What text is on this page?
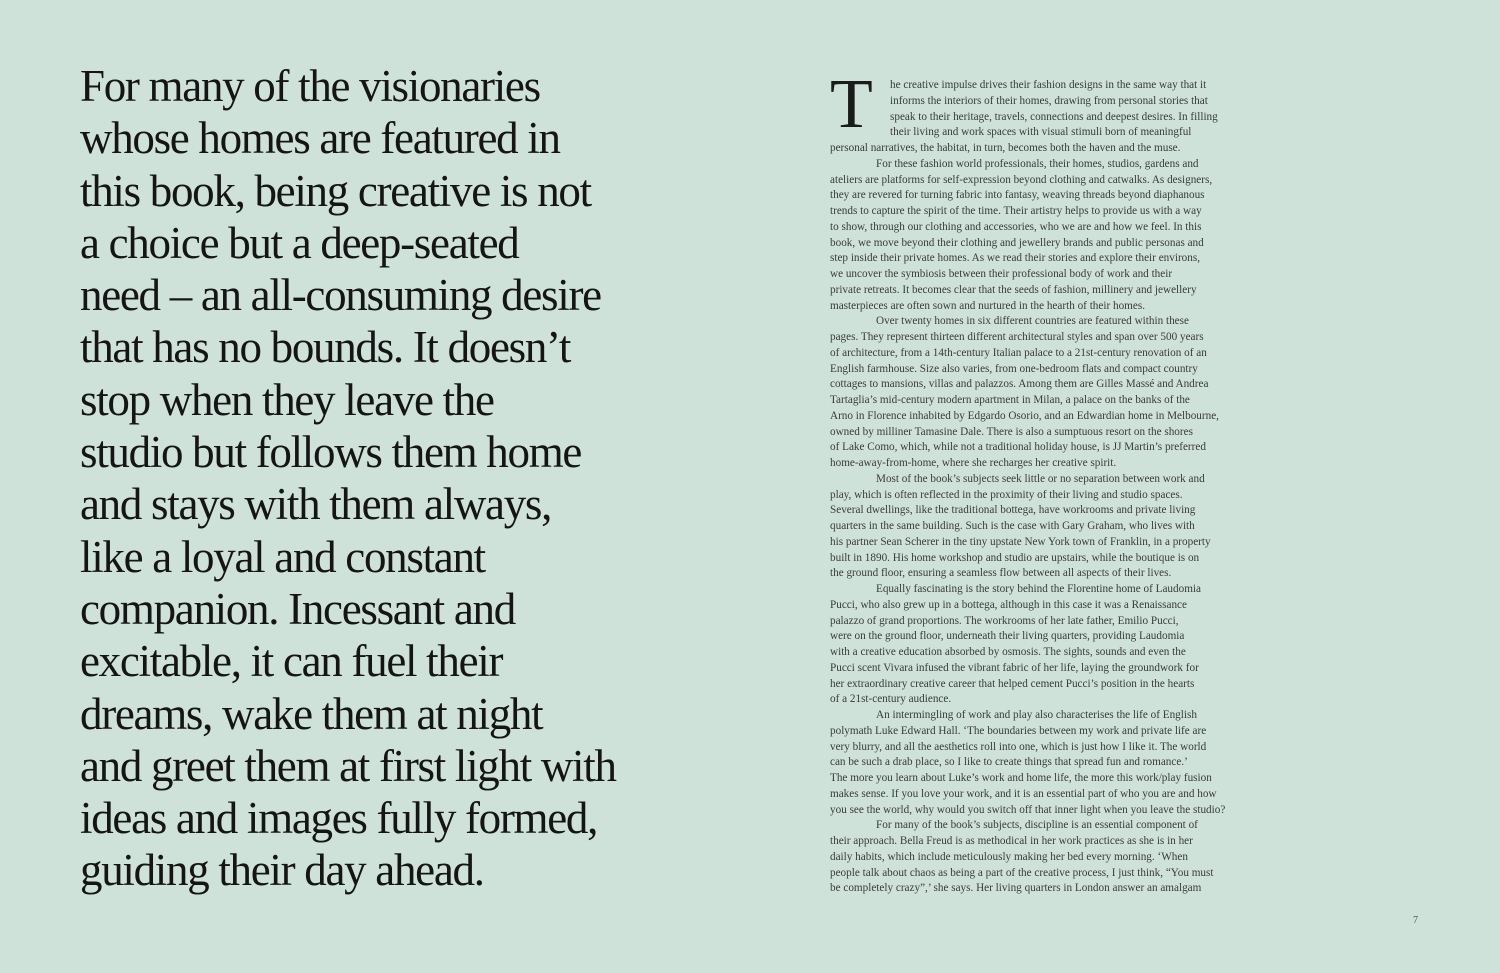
For many of the visionaries
whose homes are featured in
this book, being creative is not
a choice but a deep-seated
need – an all-consuming desire
that has no bounds. It doesn’t
stop when they leave the
studio but follows them home
and stays with them always,
like a loyal and constant
companion. Incessant and
excitable, it can fuel their
dreams, wake them at night
and greet them at first light with
ideas and images fully formed,
guiding their day ahead.
T	he creative impulse drives their fashion designs in the same way that it
informs the interiors of their homes, drawing from personal stories that
speak to their heritage, travels, connections and deepest desires. In filling
their living and work spaces with visual stimuli born of meaningful
personal narratives, the habitat, in turn, becomes both the haven and the muse.
For these fashion world professionals, their homes, studios, gardens and
ateliers are platforms for self-expression beyond clothing and catwalks. As designers,
they are revered for turning fabric into fantasy, weaving threads beyond diaphanous
trends to capture the spirit of the time. Their artistry helps to provide us with a way
to show, through our clothing and accessories, who we are and how we feel. In this
book, we move beyond their clothing and jewellery brands and public personas and
step inside their private homes. As we read their stories and explore their environs,
we uncover the symbiosis between their professional body of work and their
private retreats. It becomes clear that the seeds of fashion, millinery and jewellery
masterpieces are often sown and nurtured in the hearth of their homes.
Over twenty homes in six different countries are featured within these
pages. They represent thirteen different architectural styles and span over 500 years
of architecture, from a 14th-century Italian palace to a 21st-century renovation of an
English farmhouse. Size also varies, from one-bedroom flats and compact country
cottages to mansions, villas and palazzos. Among them are Gilles Massé and Andrea
Tartaglia’s mid-century modern apartment in Milan, a palace on the banks of the
Arno in Florence inhabited by Edgardo Osorio, and an Edwardian home in Melbourne,
owned by milliner Tamasine Dale. There is also a sumptuous resort on the shores
of Lake Como, which, while not a traditional holiday house, is JJ Martin’s preferred
home-away-from-home, where she recharges her creative spirit.
Most of the book’s subjects seek little or no separation between work and
play, which is often reflected in the proximity of their living and studio spaces.
Several dwellings, like the traditional bottega, have workrooms and private living
quarters in the same building. Such is the case with Gary Graham, who lives with
his partner Sean Scherer in the tiny upstate New York town of Franklin, in a property
built in 1890. His home workshop and studio are upstairs, while the boutique is on
the ground floor, ensuring a seamless flow between all aspects of their lives.
Equally fascinating is the story behind the Florentine home of Laudomia
Pucci, who also grew up in a bottega, although in this case it was a Renaissance
palazzo of grand proportions. The workrooms of her late father, Emilio Pucci,
were on the ground floor, underneath their living quarters, providing Laudomia
with a creative education absorbed by osmosis. The sights, sounds and even the
Pucci scent Vivara infused the vibrant fabric of her life, laying the groundwork for
her extraordinary creative career that helped cement Pucci’s position in the hearts
of a 21st-century audience.
An intermingling of work and play also characterises the life of English
polymath Luke Edward Hall. ‘The boundaries between my work and private life are
very blurry, and all the aesthetics roll into one, which is just how I like it. The world
can be such a drab place, so I like to create things that spread fun and romance.’
The more you learn about Luke’s work and home life, the more this work/play fusion
makes sense. If you love your work, and it is an essential part of who you are and how
you see the world, why would you switch off that inner light when you leave the studio?
For many of the book’s subjects, discipline is an essential component of
their approach. Bella Freud is as methodical in her work practices as she is in her
daily habits, which include meticulously making her bed every morning. ‘When
people talk about chaos as being a part of the creative process, I just think, “You must
be completely crazy”,’ she says. Her living quarters in London answer an amalgam
7
